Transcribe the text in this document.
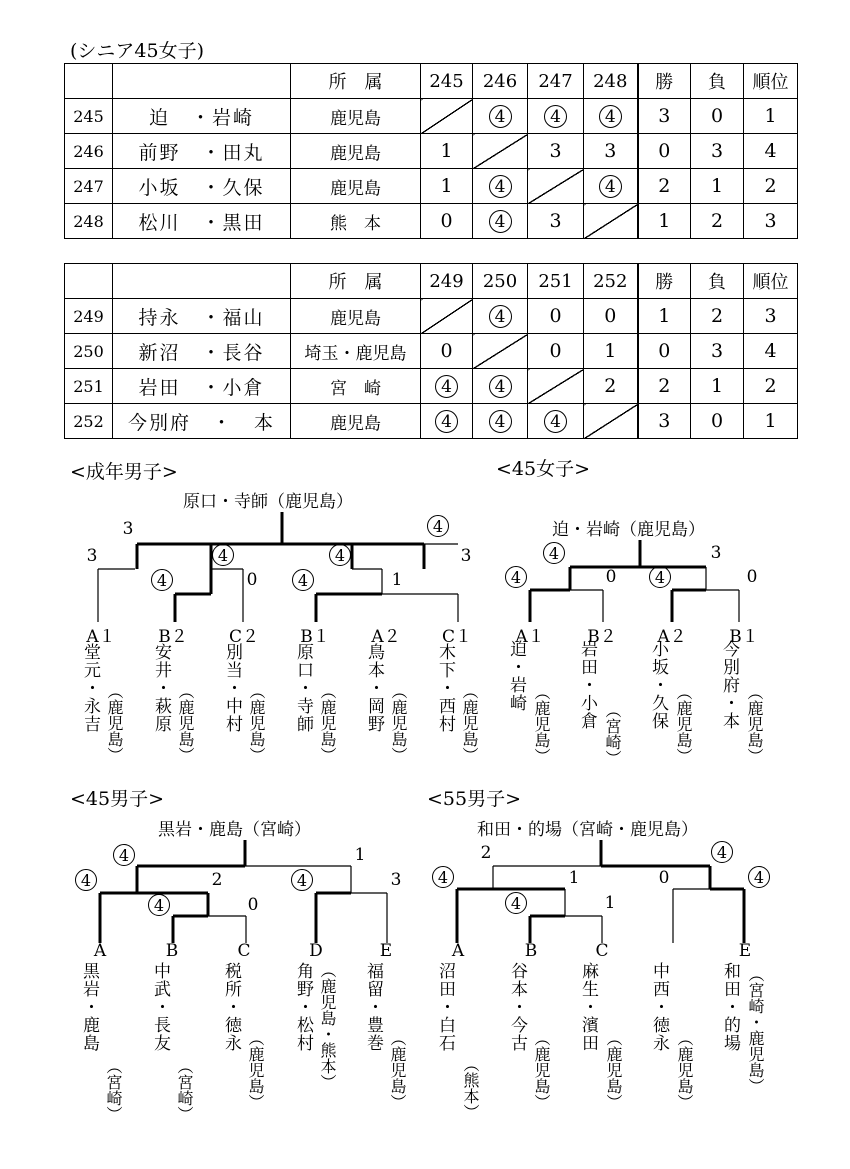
(シニア45女子)
		所　属	245	246	247	248	勝	負	順位
245	迫　・岩崎	鹿児島		4	4	4	3	0	1
246	前野　・田丸	鹿児島	1		3	3	0	3	4
247	小坂　・久保	鹿児島	1	4		4	2	1	2
248	松川　・黒田	熊　本	0	4	3		1	2	3
		所　属	249	250	251	252	勝	負	順位
249	持永　・福山	鹿児島		4	0	0	1	2	3
250	新沼　・長谷	埼玉・鹿児島	0		0	1	0	3	4
251	岩田　・小倉	宮　崎	4	4		2	2	1	2
252	今別府　・　本	鹿児島	4	4	4		3	0	1
<成年男子>
原口・寺師（鹿児島）
3	4
3	4	4	3
4	0	4	1
A１	B２ C２ B１ A２ C１
堂元・永吉 （鹿児島） 安井・萩原 （鹿児島） 別当・中村 （鹿児島） 原口・寺師 （鹿児島） 鳥本・岡野 （鹿児島） 木下・西村 （鹿児島）
<45女子>
迫・岩崎（鹿児島）
4	3
4	0	4	0
A１	B２ A２	B１
迫・岩崎
（鹿児島） 岩田・小倉
（宮崎）
小坂・久保 （鹿児島） 今別府・本 （鹿児島）
<45男子>
黒岩・鹿島（宮崎）
4	1
4	2	4	3
4	0
A	B	C	D	E
黒岩・鹿島
（宮崎）
中武・長友
（宮崎）
税所・徳永
（鹿児島）
角野・松村 （鹿児島・熊本） 福留・豊巻
（鹿児島）
<55男子>
和田・的場（宮崎・鹿児島）
2	4
4	1	0	4
4	1
A	B	C	E
沼田・白石
（熊本）
谷本・今古
（鹿児島）
麻生・濱田
（鹿児島）
中西・徳永
（鹿児島）
和田・的場 （宮崎・鹿児島）
